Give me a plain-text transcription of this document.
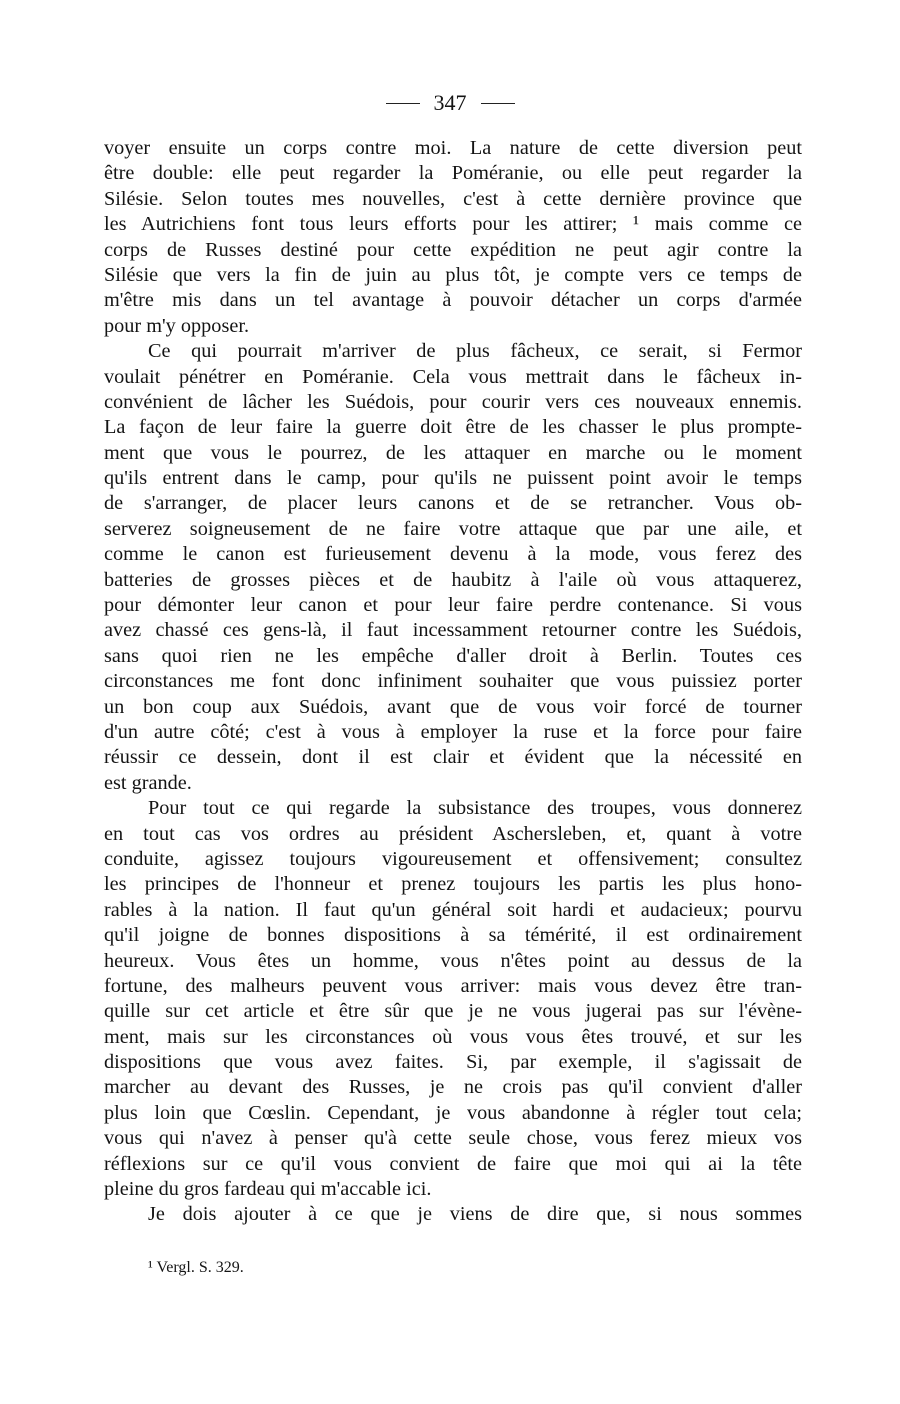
347
voyer ensuite un corps contre moi. La nature de cette diversion peut
être double: elle peut regarder la Poméranie, ou elle peut regarder la
Silésie. Selon toutes mes nouvelles, c'est à cette dernière province que
les Autrichiens font tous leurs efforts pour les attirer; ¹ mais comme ce
corps de Russes destiné pour cette expédition ne peut agir contre la
Silésie que vers la fin de juin au plus tôt, je compte vers ce temps de
m'être mis dans un tel avantage à pouvoir détacher un corps d'armée
pour m'y opposer.
Ce qui pourrait m'arriver de plus fâcheux, ce serait, si Fermor
voulait pénétrer en Poméranie. Cela vous mettrait dans le fâcheux in-
convénient de lâcher les Suédois, pour courir vers ces nouveaux ennemis.
La façon de leur faire la guerre doit être de les chasser le plus prompte-
ment que vous le pourrez, de les attaquer en marche ou le moment
qu'ils entrent dans le camp, pour qu'ils ne puissent point avoir le temps
de s'arranger, de placer leurs canons et de se retrancher. Vous ob-
serverez soigneusement de ne faire votre attaque que par une aile, et
comme le canon est furieusement devenu à la mode, vous ferez des
batteries de grosses pièces et de haubitz à l'aile où vous attaquerez,
pour démonter leur canon et pour leur faire perdre contenance. Si vous
avez chassé ces gens-là, il faut incessamment retourner contre les Suédois,
sans quoi rien ne les empêche d'aller droit à Berlin. Toutes ces
circonstances me font donc infiniment souhaiter que vous puissiez porter
un bon coup aux Suédois, avant que de vous voir forcé de tourner
d'un autre côté; c'est à vous à employer la ruse et la force pour faire
réussir ce dessein, dont il est clair et évident que la nécessité en
est grande.
Pour tout ce qui regarde la subsistance des troupes, vous donnerez
en tout cas vos ordres au président Aschersleben, et, quant à votre
conduite, agissez toujours vigoureusement et offensivement; consultez
les principes de l'honneur et prenez toujours les partis les plus hono-
rables à la nation. Il faut qu'un général soit hardi et audacieux; pourvu
qu'il joigne de bonnes dispositions à sa témérité, il est ordinairement
heureux. Vous êtes un homme, vous n'êtes point au dessus de la
fortune, des malheurs peuvent vous arriver: mais vous devez être tran-
quille sur cet article et être sûr que je ne vous jugerai pas sur l'évène-
ment, mais sur les circonstances où vous vous êtes trouvé, et sur les
dispositions que vous avez faites. Si, par exemple, il s'agissait de
marcher au devant des Russes, je ne crois pas qu'il convient d'aller
plus loin que Cœslin. Cependant, je vous abandonne à régler tout cela;
vous qui n'avez à penser qu'à cette seule chose, vous ferez mieux vos
réflexions sur ce qu'il vous convient de faire que moi qui ai la tête
pleine du gros fardeau qui m'accable ici.
Je dois ajouter à ce que je viens de dire que, si nous sommes
¹ Vergl. S. 329.
